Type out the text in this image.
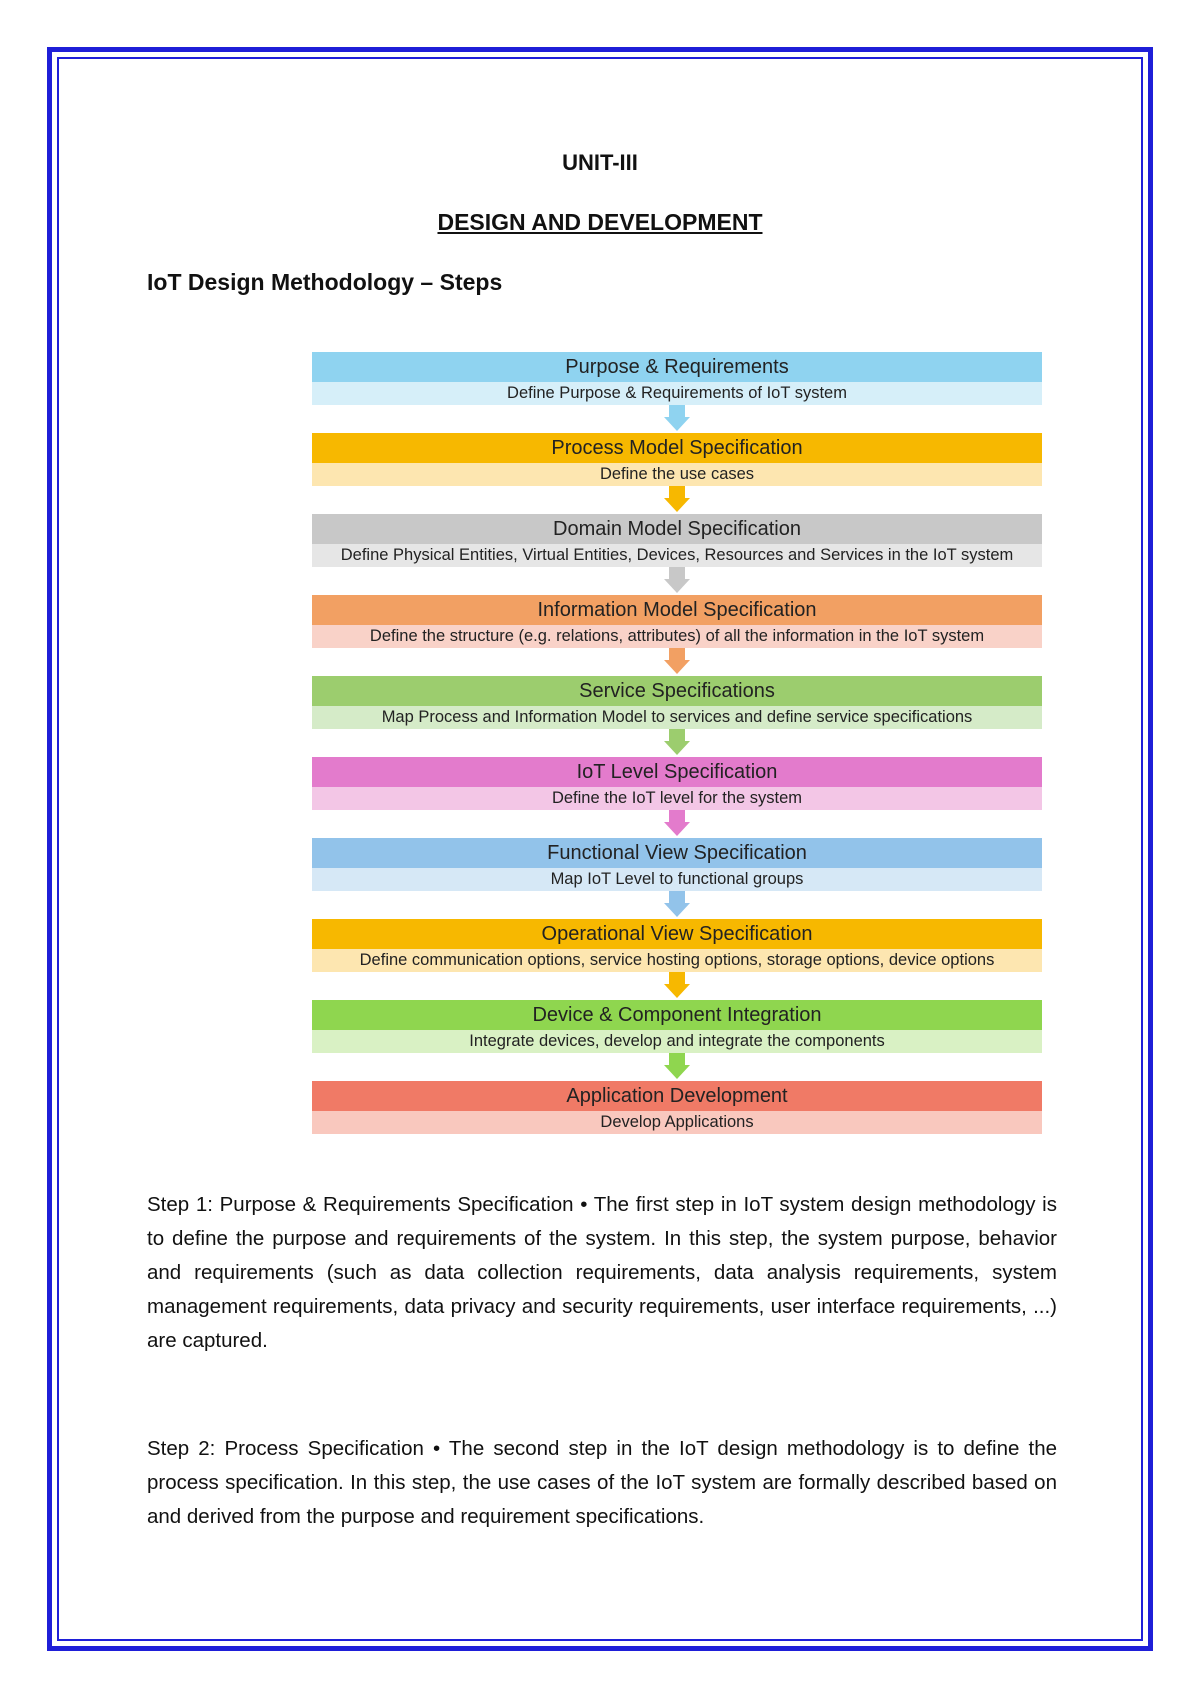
UNIT-III
DESIGN AND DEVELOPMENT
IoT Design Methodology – Steps
Purpose & Requirements
Define Purpose & Requirements of IoT system
Process Model Specification
Define the use cases
Domain Model Specification
Define Physical Entities, Virtual Entities, Devices, Resources and Services in the IoT system
Information Model Specification
Define the structure (e.g. relations, attributes) of all the information in the IoT system
Service Specifications
Map Process and Information Model to services and define service specifications
IoT Level Specification
Define the IoT level for the system
Functional View Specification
Map IoT Level to functional groups
Operational View Specification
Define communication options, service hosting options, storage options, device options
Device & Component Integration
Integrate devices, develop and integrate the components
Application Development
Develop Applications
Step 1: Purpose & Requirements Specification • The first step in IoT system design methodology is to define the purpose and requirements of the system. In this step, the system purpose, behavior and requirements (such as data collection requirements, data analysis requirements, system management requirements, data privacy and security requirements, user interface requirements, ...) are captured.
Step 2: Process Specification • The second step in the IoT design methodology is to define the process specification. In this step, the use cases of the IoT system are formally described based on and derived from the purpose and requirement specifications.
